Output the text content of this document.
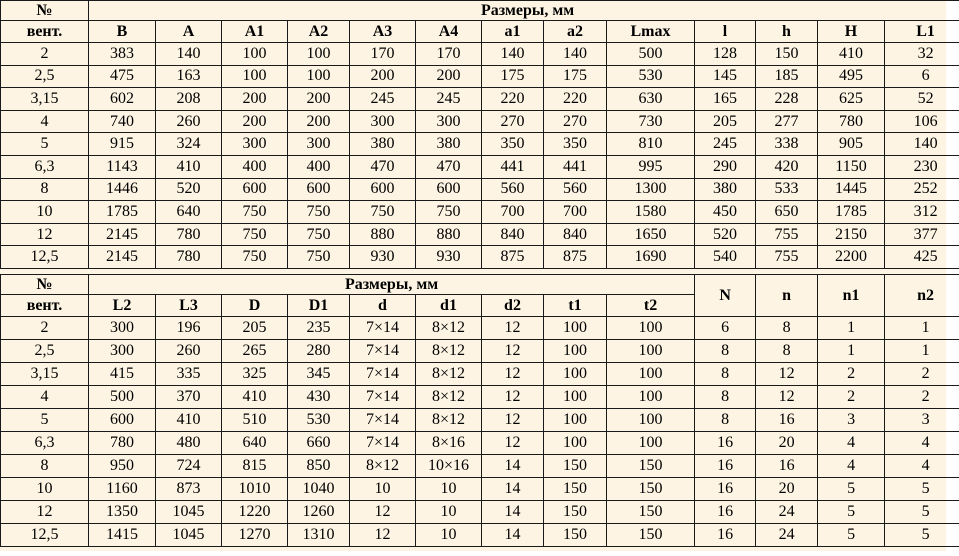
№	Размеры, мм												
вент.	B	A	A1	A2	A3	A4	a1	a2	Lmax	l	h	H	L1
2	383	140	100	100	170	170	140	140	500	128	150	410	32
2,5	475	163	100	100	200	200	175	175	530	145	185	495	6
3,15	602	208	200	200	245	245	220	220	630	165	228	625	52
4	740	260	200	200	300	300	270	270	730	205	277	780	106
5	915	324	300	300	380	380	350	350	810	245	338	905	140
6,3	1143	410	400	400	470	470	441	441	995	290	420	1150	230
8	1446	520	600	600	600	600	560	560	1300	380	533	1445	252
10	1785	640	750	750	750	750	700	700	1580	450	650	1785	312
12	2145	780	750	750	880	880	840	840	1650	520	755	2150	377
12,5	2145	780	750	750	930	930	875	875	1690	540	755	2200	425
№	Размеры, мм									N	n	n1	n2
вент.	L2	L3	D	D1	d	d1	d2	t1	t2				
2	300	196	205	235	7×14	8×12	12	100	100	6	8	1	1
2,5	300	260	265	280	7×14	8×12	12	100	100	8	8	1	1
3,15	415	335	325	345	7×14	8×12	12	100	100	8	12	2	2
4	500	370	410	430	7×14	8×12	12	100	100	8	12	2	2
5	600	410	510	530	7×14	8×12	12	100	100	8	16	3	3
6,3	780	480	640	660	7×14	8×16	12	100	100	16	20	4	4
8	950	724	815	850	8×12	10×16	14	150	150	16	16	4	4
10	1160	873	1010	1040	10	10	14	150	150	16	20	5	5
12	1350	1045	1220	1260	12	10	14	150	150	16	24	5	5
12,5	1415	1045	1270	1310	12	10	14	150	150	16	24	5	5
